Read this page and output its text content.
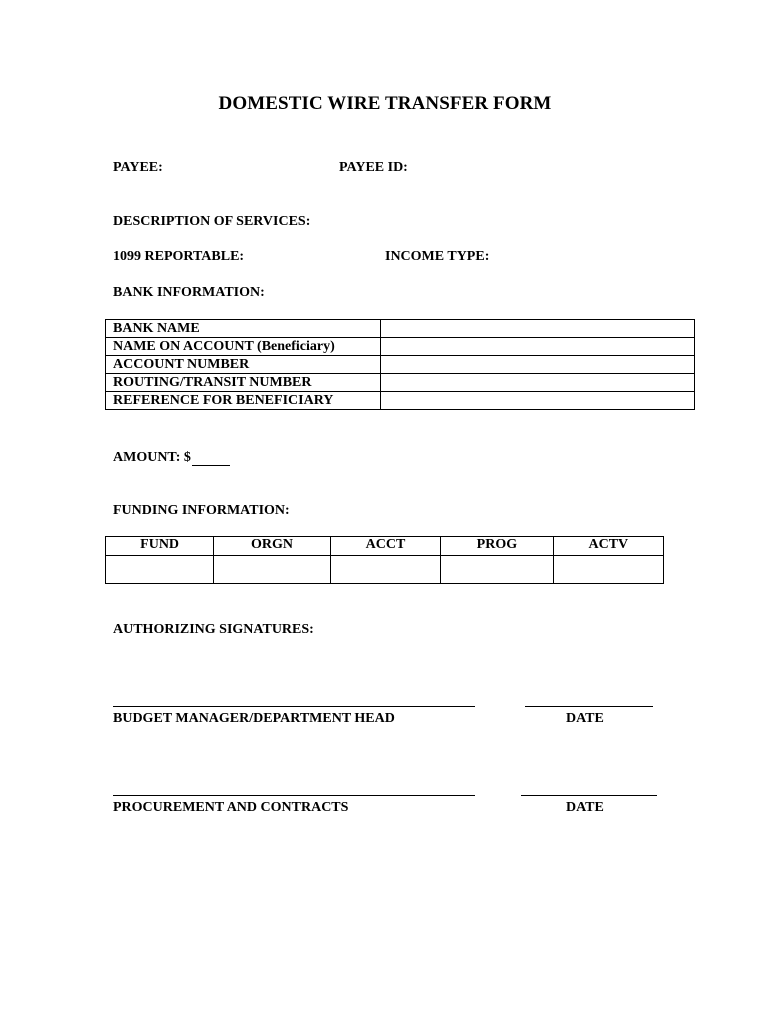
DOMESTIC WIRE TRANSFER FORM
PAYEE:	PAYEE ID:
DESCRIPTION OF SERVICES:
1099 REPORTABLE:	INCOME TYPE:
BANK INFORMATION:
BANK NAME	
NAME ON ACCOUNT (Beneficiary)	
ACCOUNT NUMBER	
ROUTING/TRANSIT NUMBER	
REFERENCE FOR BENEFICIARY	
AMOUNT: $
FUNDING INFORMATION:
FUND	ORGN	ACCT	PROG	ACTV

AUTHORIZING SIGNATURES:
BUDGET MANAGER/DEPARTMENT HEAD	DATE
PROCUREMENT AND CONTRACTS	DATE
